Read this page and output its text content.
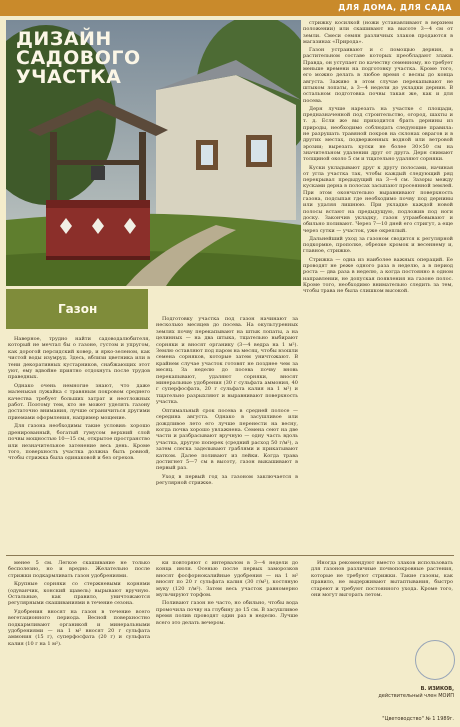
ДЛЯ ДОМА, ДЛЯ САДА
ДИЗАЙН
САДОВОГО
УЧАСТКА
Газон

стрижку косилкой (ножи устанавливают в верхнем положении) или скашивают на высоте 3—4 см от земли. Смеси семян различных злаков продаются в магазинах «Природа».

Газон устраивают и с помощью дернин, в растительном составе которых преобладают злаки. Правда, он уступает по качеству семенному, но требует меньше времени на подготовку участка. Кроме того, его можно делать в любое время с весны до конца августа. Заживо в этом случае перекапывают не штыком лопаты, а 3—4 недели до укладки дернин. В остальном подготовка почвы такая же, как и для посева.

Дерн лучше нарезать на участке с площади, предназначенной под строительство, огород, шахты и т. д. Если же вы приходится брать дернины из природы, необходимо соблюдать следующие правила: не разрушать травяной покров на склонах оврагов и в других местах, подверженных водной или ветровой эрозии; вырезать куски не более 30×50 см на значительном удалении друг от друга. Дерн снимают толщиной около 5 см и тщательно удаляют сорняки.

Куски укладывают друг к другу полосами, начиная от угла участка так, чтобы каждый следующий ряд перекрывал предыдущий на 3—4 см. Зазоры между кусками дерна в полосах засыпают просеянной землей. При этом окончательно выравнивают поверхность газона, подсыпая где необходимо почву под дернины или удаляя лишнюю. При укладке каждой новой полосы встают на предыдущую, подложив под ноги доску. Закончив укладку, газон утрамбовывают и обильно поливают. Через 7—10 дней его стригут, а еще через сутки — участок, уже окреплый.

Дальнейший уход за газоном сводится к регулярной подкормке, прополке, обрезке кромок и весеннему и, главное, стрижке.

Стрижка — одна из наиболее важных операций. Ее проводят не реже одного раза в неделю, а в период роста — два раза в неделю, а когда постоянно в одном направлении, не допуская появления на газоне полос. Кроме того, необходимо внимательно следить за тем, чтобы трава не была слишком высокой.

Наверное, трудно найти садоводалюбителя, который не мечтал бы о газоне, густом и упругом, как дорогой персидский ковер, и ярко-зеленом, как чистой воды изумруд. Здесь, вблизи цветника или в тени декоративных кустарников, снабжающих этот уют, ему вдвойне приятно отдохнуть после трудов праведных.

Однако очень немногие знают, что даже маленькая лужайка с травяным покровом среднего качества требует больших затрат и неотложных работ. Поэтому тем, кто не может уделять газону достаточно внимания, лучше ограничиться другими приемами оформления, например мощение.

Для газона необходимы такие условия: хорошо дренированный, богатый гумусом верхний слой почвы мощностью 10—15 см, открытое пространство или незначительное затенение весь день. Кроме того, поверхность участка должна быть ровной, чтобы стрижка была одинаковой и без огрехов.

Подготовку участка под газон начинают за несколько месяцев до посева. На окультуренных землях почву перекапывают на штык лопаты, а на целинных — на два штыка, тщательно выбирают сорняки и вносят органику (3—4 ведра на 1 м²). Землю оставляют под паром на месяц, чтобы взошли семена сорняков, которые затем уничтожают. В крайнем случае участок готовят не позднее чем за месяц. За неделю до посева почву вновь перекапывают, удаляют сорняки, вносят минеральные удобрения (30 г сульфата аммония, 40 г суперфосфата, 20 г сульфата калия на 1 м²) и тщательно разрыхляют и выравнивают поверхность участка.

Оптимальный срок посева в средней полосе — середина августа. Однако в засушливое или дождливое лето его лучше перенести на весну, когда почва хорошо увлажнена. Семена сеют на две части и разбрасывают вручную — одну часть вдоль участка, другую поперек (средний расход 50 г/м²), а затем слегка заделывают граблями и прикатывают катком. Далее поливают из лейки. Когда трава достигнет 5—7 см в высоту, газон выкашивают в первый раз.

Уход в первый год за газоном заключается в регулярной стрижке.

менее 5 см. Легкое скашивание не только бесполезно, но и вредно. Желательно после стрижки подкармливать газон удобрениями.

Крупные сорняки со стержневыми корнями (одуванчик, конский щавель) вырывают вручную. Остальные, как правило, уничтожаются регулярными скашиваниями в течение сезона.

Удобрения вносят на газон в течение всего вегетационного периода. Весной поверхностно подкармливают органикой и минеральными удобрениями — на 1 м² вносят 20 г сульфата аммония (15 г), суперфосфата (20 г) и сульфата калия (10 г на 1 м²).

ки повторяют с интервалом в 3—4 недели до конца июля. Осенью после первых заморозков вносят фосфорнокалийные удобрения — на 1 м² вносят по 20 г сульфата калия (30 г/м²), костяную муку (120 г/м²). Затем весь участок равномерно мульчируют торфом.

Поливают газон не часто, но обильно, чтобы вода промочила почву на глубину до 15 см. В засушливое время полив проводят один раз в неделю. Лучше всего это делать вечером.

Иногда рекомендуют вместо злаков использовать для газонов различные почвопокровные растения, которые не требуют стрижки. Такие газоны, как правило, не выдерживают вытаптывания, быстро стареют и требуют постоянного ухода. Кроме того, они могут выгорать летом.

В. ИЗИКОВ,
действительный член МОИП
"Цветоводство" № 1 1989г.
